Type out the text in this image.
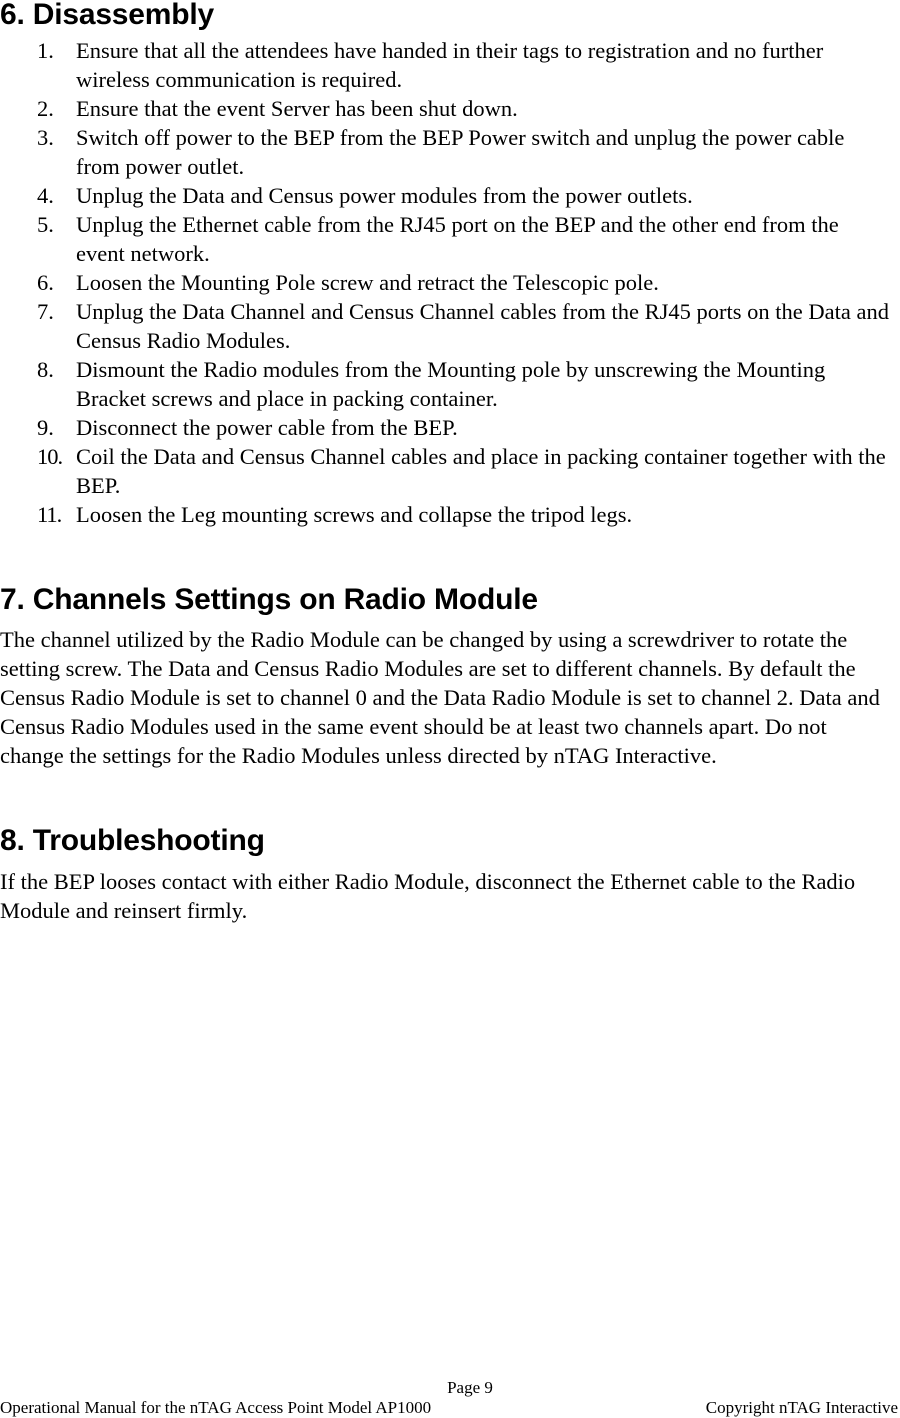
6. Disassembly
1. Ensure that all the attendees have handed in their tags to registration and no further wireless communication is required.
2. Ensure that the event Server has been shut down.
3. Switch off power to the BEP from the BEP Power switch and unplug the power cable from power outlet.
4. Unplug the Data and Census power modules from the power outlets.
5. Unplug the Ethernet cable from the RJ45 port on the BEP and the other end from the event network.
6. Loosen the Mounting Pole screw and retract the Telescopic pole.
7. Unplug the Data Channel and Census Channel cables from the RJ45 ports on the Data and Census Radio Modules.
8. Dismount the Radio modules from the Mounting pole by unscrewing the Mounting Bracket screws and place in packing container.
9. Disconnect the power cable from the BEP.
10. Coil the Data and Census Channel cables and place in packing container together with the BEP.
11. Loosen the Leg mounting screws and collapse the tripod legs.
7. Channels Settings on Radio Module

The channel utilized by the Radio Module can be changed by using a screwdriver to rotate the setting screw. The Data and Census Radio Modules are set to different channels. By default the Census Radio Module is set to channel 0 and the Data Radio Module is set to channel 2. Data and Census Radio Modules used in the same event should be at least two channels apart. Do not change the settings for the Radio Modules unless directed by nTAG Interactive.

8. Troubleshooting

If the BEP looses contact with either Radio Module, disconnect the Ethernet cable to the Radio Module and reinsert firmly.

Page 9
Operational Manual for the nTAG Access Point Model AP1000	Copyright nTAG Interactive
